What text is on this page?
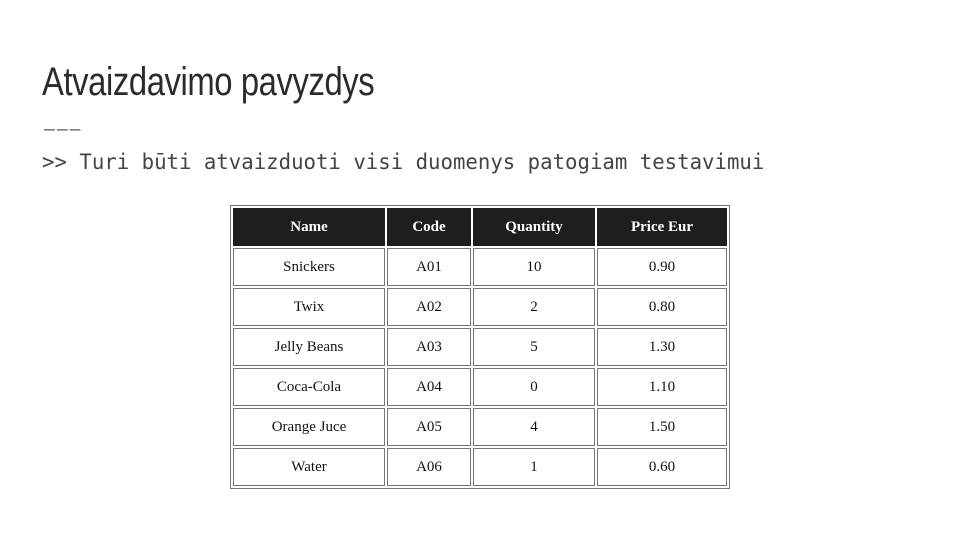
Atvaizdavimo pavyzdys
———
>> Turi būti atvaizduoti visi duomenys patogiam testavimui
Name	Code	Quantity	Price Eur
Snickers	A01	10	0.90
Twix	A02	2	0.80
Jelly Beans	A03	5	1.30
Coca-Cola	A04	0	1.10
Orange Juce	A05	4	1.50
Water	A06	1	0.60
